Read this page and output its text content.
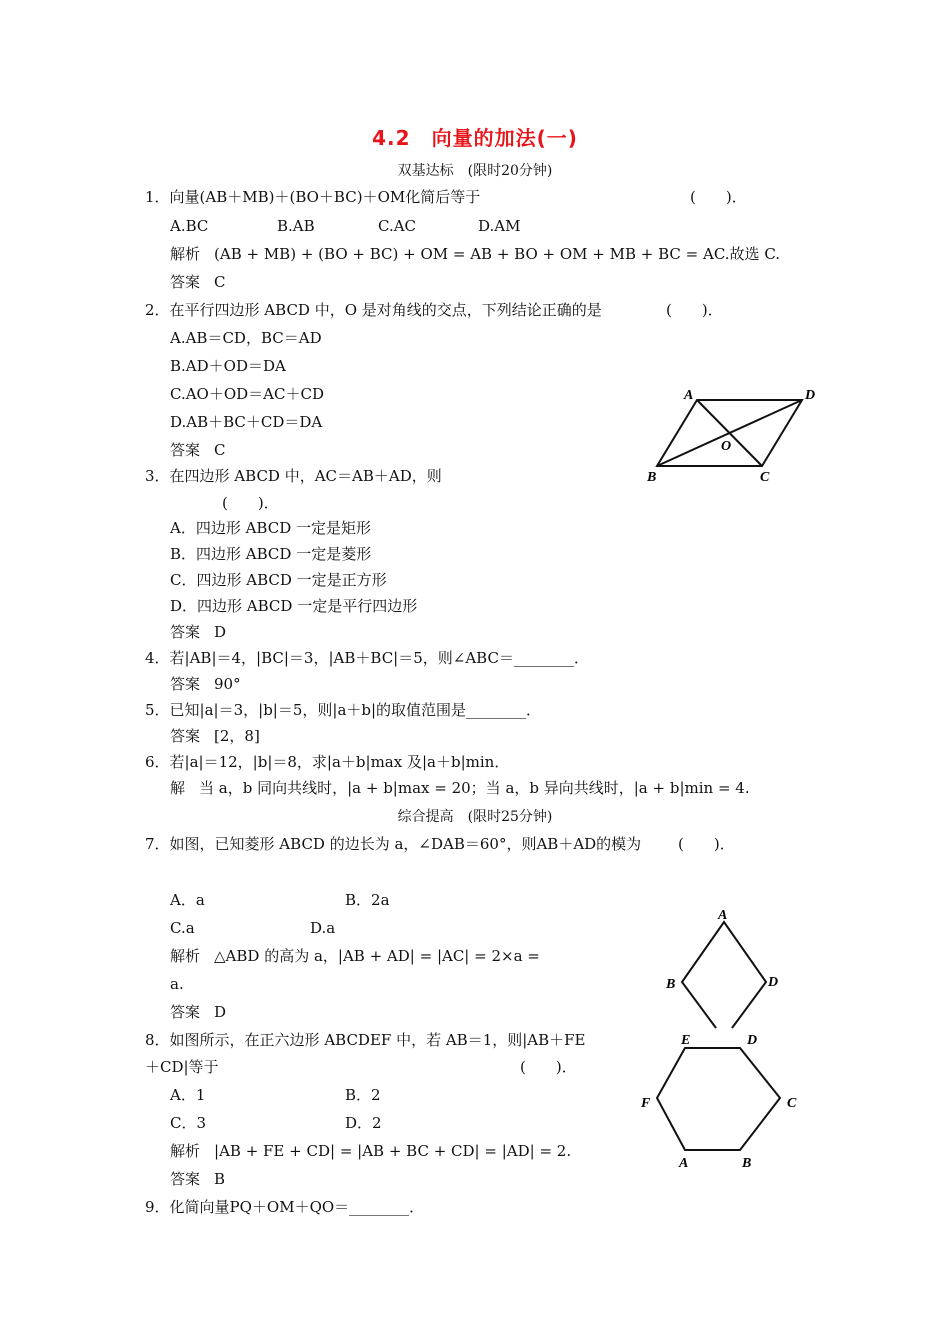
4.2　向量的加法(一)
双基达标　(限时20分钟)
1．向量(AB＋MB)＋(BO＋BC)＋OM化简后等于	(　　)．
A.BC	B.AB	C.AC	D.AM
解析 (AB + MB) + (BO + BC) + OM = AB + BO + OM + MB + BC = AC.故选 C.
答案 C
2．在平行四边形 ABCD 中，O 是对角线的交点，下列结论正确的是	(　　)．
A.AB＝CD，BC＝AD
B.AD＋OD＝DA
C.AO＋OD＝AC＋CD
D.AB＋BC＋CD＝DA
答案 C
3．在四边形 ABCD 中，AC＝AB＋AD，则
(　　)．
A．四边形 ABCD 一定是矩形
B．四边形 ABCD 一定是菱形
C．四边形 ABCD 一定是正方形
D．四边形 ABCD 一定是平行四边形
答案 D
4．若|AB|＝4，|BC|＝3，|AB＋BC|＝5，则∠ABC＝________．
答案 90°
5．已知|a|＝3，|b|＝5，则|a＋b|的取值范围是________．
答案 [2，8]
6．若|a|＝12，|b|＝8，求|a＋b|max 及|a＋b|min．
解 当 a，b 同向共线时，|a + b|max = 20；当 a，b 异向共线时，|a + b|min = 4.
综合提高　(限时25分钟)
7．如图，已知菱形 ABCD 的边长为 a，∠DAB＝60°，则AB＋AD的模为 (　　)．
A．a	B．2a
C.a	D.a
解析 △ABD 的高为 a，|AB + AD| = |AC| = 2×a =
a.
答案 D
8．如图所示，在正六边形 ABCDEF 中，若 AB＝1，则|AB＋FE
＋CD|等于	(　　)．
A．1	B．2
C．3	D．2
解析 |AB + FE + CD| = |AB + BC + CD| = |AD| = 2.
答案 B
9．化简向量PQ＋OM＋QO＝________．
A	D
B	C
O
A
B	D
E	D
F	C
A	B
